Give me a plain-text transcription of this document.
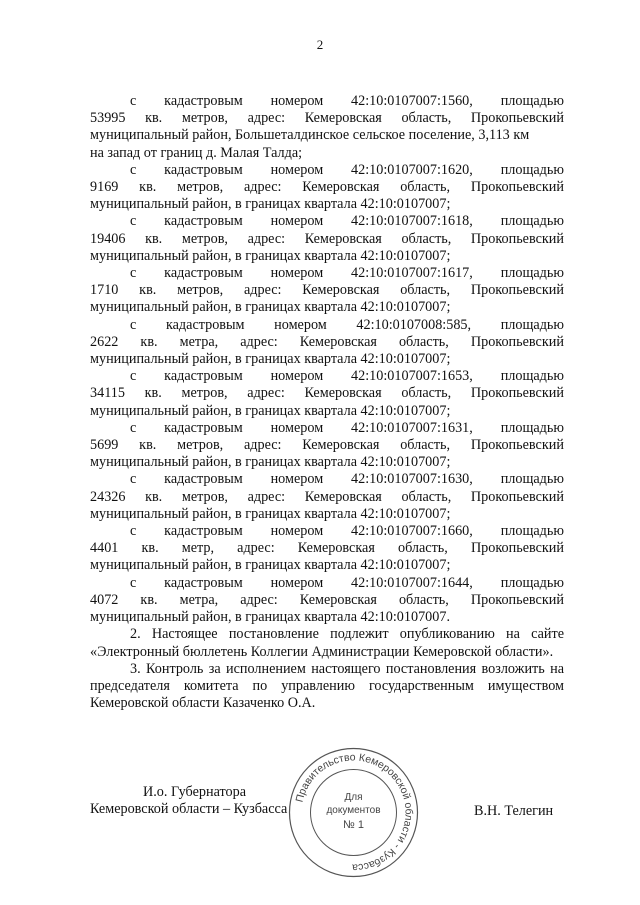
2
с кадастровым номером 42:10:0107007:1560, площадью
53995 кв. метров, адрес: Кемеровская область, Прокопьевский
муниципальный район, Большеталдинское сельское поселение, 3,113 км
на запад от границ д. Малая Талда;
с кадастровым номером 42:10:0107007:1620, площадью
9169 кв. метров, адрес: Кемеровская область, Прокопьевский
муниципальный район, в границах квартала 42:10:0107007;
с кадастровым номером 42:10:0107007:1618, площадью
19406 кв. метров, адрес: Кемеровская область, Прокопьевский
муниципальный район, в границах квартала 42:10:0107007;
с кадастровым номером 42:10:0107007:1617, площадью
1710 кв. метров, адрес: Кемеровская область, Прокопьевский
муниципальный район, в границах квартала 42:10:0107007;
с кадастровым номером 42:10:0107008:585, площадью
2622 кв. метра, адрес: Кемеровская область, Прокопьевский
муниципальный район, в границах квартала 42:10:0107007;
с кадастровым номером 42:10:0107007:1653, площадью
34115 кв. метров, адрес: Кемеровская область, Прокопьевский
муниципальный район, в границах квартала 42:10:0107007;
с кадастровым номером 42:10:0107007:1631, площадью
5699 кв. метров, адрес: Кемеровская область, Прокопьевский
муниципальный район, в границах квартала 42:10:0107007;
с кадастровым номером 42:10:0107007:1630, площадью
24326 кв. метров, адрес: Кемеровская область, Прокопьевский
муниципальный район, в границах квартала 42:10:0107007;
с кадастровым номером 42:10:0107007:1660, площадью
4401 кв. метр, адрес: Кемеровская область, Прокопьевский
муниципальный район, в границах квартала 42:10:0107007;
с кадастровым номером 42:10:0107007:1644, площадью
4072 кв. метра, адрес: Кемеровская область, Прокопьевский
муниципальный район, в границах квартала 42:10:0107007.

2. Настоящее постановление подлежит опубликованию на сайте «Электронный бюллетень Коллегии Администрации Кемеровской области».

3. Контроль за исполнением настоящего постановления возложить на председателя комитета по управлению государственным имуществом Кемеровской области Казаченко О.А.

И.о. Губернатора
Кемеровской области – Кузбасса
Правительство Кемеровской области - Кузбасса
Для
документов
№ 1
В.Н. Телегин
